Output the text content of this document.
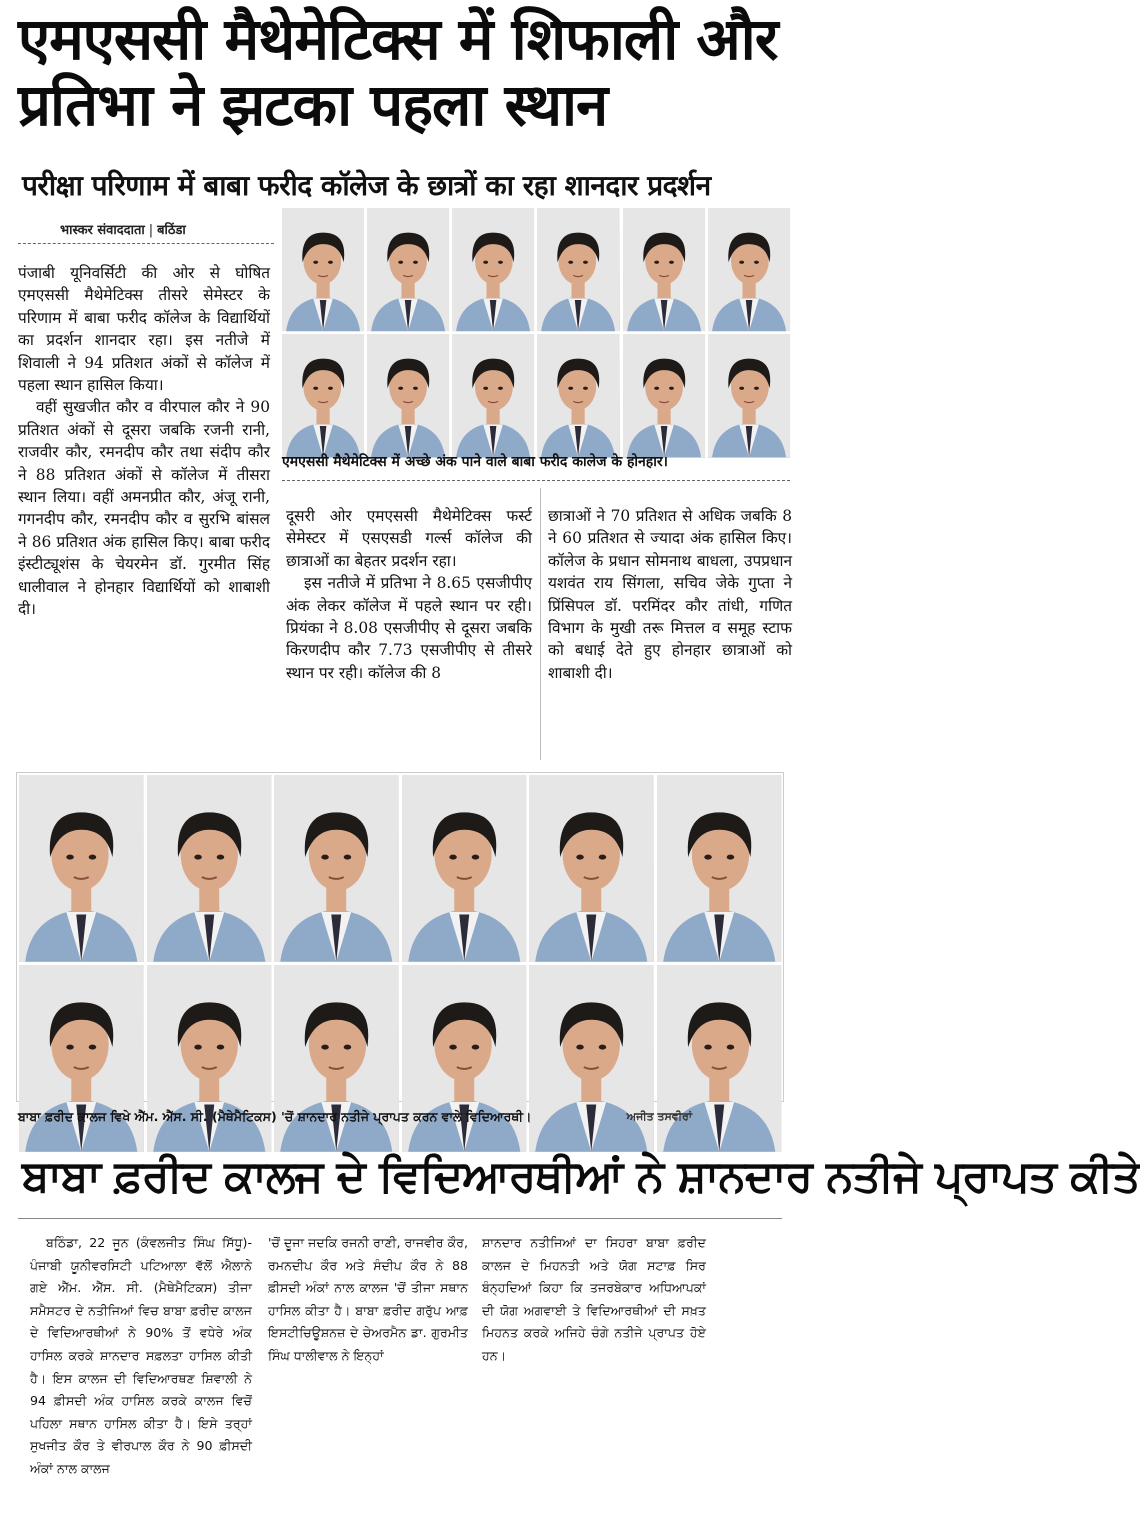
एमएससी मैथेमेटिक्स में शिफाली और
प्रतिभा ने झटका पहला स्थान
परीक्षा परिणाम में बाबा फरीद कॉलेज के छात्रों का रहा शानदार प्रदर्शन
भास्कर संवाददाता | बठिंडा

पंजाबी यूनिवर्सिटी की ओर से घोषित एमएससी मैथेमेटिक्स तीसरे सेमेस्टर के परिणाम में बाबा फरीद कॉलेज के विद्यार्थियों का प्रदर्शन शानदार रहा। इस नतीजे में शिवाली ने 94 प्रतिशत अंकों से कॉलेज में पहला स्थान हासिल किया।

वहीं सुखजीत कौर व वीरपाल कौर ने 90 प्रतिशत अंकों से दूसरा जबकि रजनी रानी, राजवीर कौर, रमनदीप कौर तथा संदीप कौर ने 88 प्रतिशत अंकों से कॉलेज में तीसरा स्थान लिया। वहीं अमनप्रीत कौर, अंजू रानी, गगनदीप कौर, रमनदीप कौर व सुरभि बांसल ने 86 प्रतिशत अंक हासिल किए। बाबा फरीद इंस्टीट्यूशंस के चेयरमेन डॉ. गुरमीत सिंह धालीवाल ने होनहार विद्यार्थियों को शाबाशी दी।

एमएससी मैथेमेटिक्स में अच्छे अंक पाने वाले बाबा फरीद कालेज के होनहार।

दूसरी ओर एमएससी मैथेमेटिक्स फर्स्ट सेमेस्टर में एसएसडी गर्ल्स कॉलेज की छात्राओं का बेहतर प्रदर्शन रहा।

इस नतीजे में प्रतिभा ने 8.65 एसजीपीए अंक लेकर कॉलेज में पहले स्थान पर रही। प्रियंका ने 8.08 एसजीपीए से दूसरा जबकि किरणदीप कौर 7.73 एसजीपीए से तीसरे स्थान पर रही। कॉलेज की 8

छात्राओं ने 70 प्रतिशत से अधिक जबकि 8 ने 60 प्रतिशत से ज्यादा अंक हासिल किए। कॉलेज के प्रधान सोमनाथ बाधला, उपप्रधान यशवंत राय सिंगला, सचिव जेके गुप्ता ने प्रिंसिपल डॉ. परमिंदर कौर तांधी, गणित विभाग के मुखी तरू मित्तल व समूह स्टाफ को बधाई देते हुए होनहार छात्राओं को शाबाशी दी।

ਬਾਬਾ ਫ਼ਰੀਦ ਕਾਲਜ ਵਿਖੇ ਐੱਮ. ਐੱਸ. ਸੀ. (ਮੈਥੇਮੈਟਿਕਸ) 'ਚੋਂ ਸ਼ਾਨਦਾਰ ਨਤੀਜੇ ਪ੍ਰਾਪਤ ਕਰਨ ਵਾਲੇ ਵਿਦਿਆਰਥੀ।	ਅਜੀਤ ਤਸਵੀਰਾਂ
ਬਾਬਾ ਫ਼ਰੀਦ ਕਾਲਜ ਦੇ ਵਿਦਿਆਰਥੀਆਂ ਨੇ ਸ਼ਾਨਦਾਰ ਨਤੀਜੇ ਪ੍ਰਾਪਤ ਕੀਤੇ

ਬਠਿੰਡਾ, 22 ਜੂਨ (ਕੰਵਲਜੀਤ ਸਿੰਘ ਸਿੱਧੂ)- ਪੰਜਾਬੀ ਯੂਨੀਵਰਸਿਟੀ ਪਟਿਆਲਾ ਵੱਲੋਂ ਐਲਾਨੇ ਗਏ ਐੱਮ. ਐੱਸ. ਸੀ. (ਮੈਥੇਮੈਟਿਕਸ) ਤੀਜਾ ਸਮੈਸਟਰ ਦੇ ਨਤੀਜਿਆਂ ਵਿਚ ਬਾਬਾ ਫ਼ਰੀਦ ਕਾਲਜ ਦੇ ਵਿਦਿਆਰਥੀਆਂ ਨੇ 90% ਤੋਂ ਵਧੇਰੇ ਅੰਕ ਹਾਸਿਲ ਕਰਕੇ ਸ਼ਾਨਦਾਰ ਸਫ਼ਲਤਾ ਹਾਸਿਲ ਕੀਤੀ ਹੈ। ਇਸ ਕਾਲਜ ਦੀ ਵਿਦਿਆਰਥਣ ਸ਼ਿਵਾਲੀ ਨੇ 94 ਫ਼ੀਸਦੀ ਅੰਕ ਹਾਸਿਲ ਕਰਕੇ ਕਾਲਜ ਵਿਚੋਂ ਪਹਿਲਾ ਸਥਾਨ ਹਾਸਿਲ ਕੀਤਾ ਹੈ। ਇਸੇ ਤਰ੍ਹਾਂ ਸੁਖਜੀਤ ਕੌਰ ਤੇ ਵੀਰਪਾਲ ਕੌਰ ਨੇ 90 ਫ਼ੀਸਦੀ ਅੰਕਾਂ ਨਾਲ ਕਾਲਜ

'ਚੋਂ ਦੂਜਾ ਜਦਕਿ ਰਜਨੀ ਰਾਣੀ, ਰਾਜਵੀਰ ਕੌਰ, ਰਮਨਦੀਪ ਕੌਰ ਅਤੇ ਸੰਦੀਪ ਕੌਰ ਨੇ 88 ਫ਼ੀਸਦੀ ਅੰਕਾਂ ਨਾਲ ਕਾਲਜ 'ਚੋਂ ਤੀਜਾ ਸਥਾਨ ਹਾਸਿਲ ਕੀਤਾ ਹੈ। ਬਾਬਾ ਫ਼ਰੀਦ ਗਰੁੱਪ ਆਫ਼ ਇਸਟੀਚਿਊਸ਼ਨਜ਼ ਦੇ ਚੇਅਰਮੈਨ ਡਾ. ਗੁਰਮੀਤ ਸਿੰਘ ਧਾਲੀਵਾਲ ਨੇ ਇਨ੍ਹਾਂ

ਸ਼ਾਨਦਾਰ ਨਤੀਜਿਆਂ ਦਾ ਸਿਹਰਾ ਬਾਬਾ ਫ਼ਰੀਦ ਕਾਲਜ ਦੇ ਮਿਹਨਤੀ ਅਤੇ ਯੋਗ ਸਟਾਫ਼ ਸਿਰ ਬੰਨ੍ਹਦਿਆਂ ਕਿਹਾ ਕਿ ਤਜਰਬੇਕਾਰ ਅਧਿਆਪਕਾਂ ਦੀ ਯੋਗ ਅਗਵਾਈ ਤੇ ਵਿਦਿਆਰਥੀਆਂ ਦੀ ਸਖ਼ਤ ਮਿਹਨਤ ਕਰਕੇ ਅਜਿਹੇ ਚੰਗੇ ਨਤੀਜੇ ਪ੍ਰਾਪਤ ਹੋਏ ਹਨ।
